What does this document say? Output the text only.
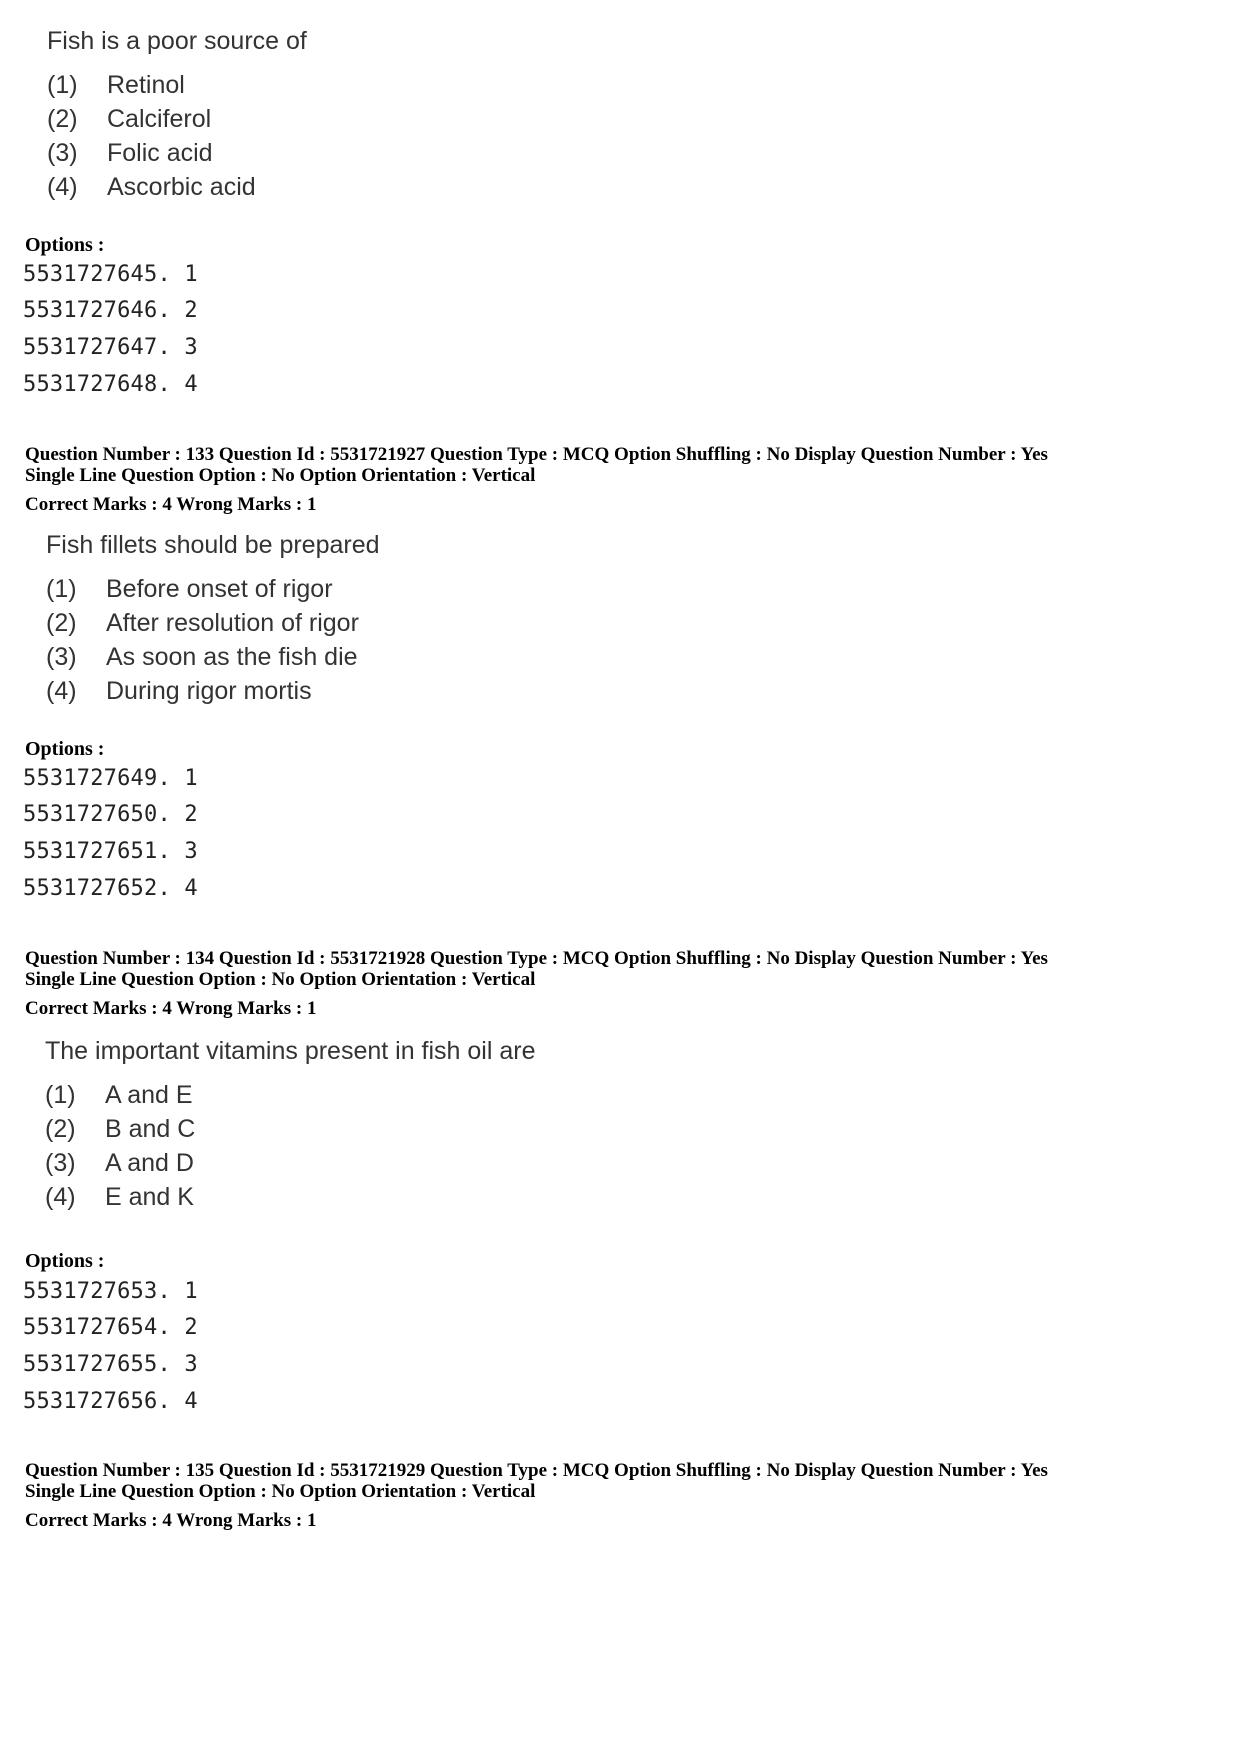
Fish is a poor source of
(1)	Retinol
(2)	Calciferol
(3)	Folic acid
(4)	Ascorbic acid
Options :
5531727645. 1
5531727646. 2
5531727647. 3
5531727648. 4
Question Number : 133 Question Id : 5531721927 Question Type : MCQ Option Shuffling : No Display Question Number : Yes
Single Line Question Option : No Option Orientation : Vertical
Correct Marks : 4 Wrong Marks : 1
Fish fillets should be prepared
(1)	Before onset of rigor
(2)	After resolution of rigor
(3)	As soon as the fish die
(4)	During rigor mortis
Options :
5531727649. 1
5531727650. 2
5531727651. 3
5531727652. 4
Question Number : 134 Question Id : 5531721928 Question Type : MCQ Option Shuffling : No Display Question Number : Yes
Single Line Question Option : No Option Orientation : Vertical
Correct Marks : 4 Wrong Marks : 1
The important vitamins present in fish oil are
(1)	A and E
(2)	B and C
(3)	A and D
(4)	E and K
Options :
5531727653. 1
5531727654. 2
5531727655. 3
5531727656. 4
Question Number : 135 Question Id : 5531721929 Question Type : MCQ Option Shuffling : No Display Question Number : Yes
Single Line Question Option : No Option Orientation : Vertical
Correct Marks : 4 Wrong Marks : 1
